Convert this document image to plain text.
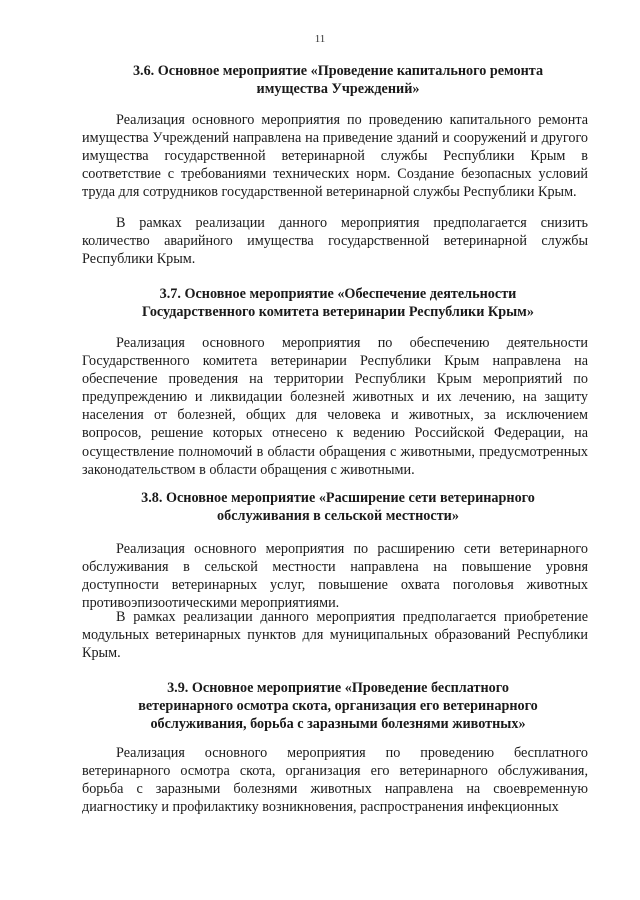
11
3.6. Основное мероприятие «Проведение капитального ремонта
имущества Учреждений»

Реализация основного мероприятия по проведению капитального ремонта имущества Учреждений направлена на приведение зданий и сооружений и другого имущества государственной ветеринарной службы Республики Крым в соответствие с требованиями технических норм. Создание безопасных условий труда для сотрудников государственной ветеринарной службы Республики Крым.

В рамках реализации данного мероприятия предполагается снизить количество аварийного имущества государственной ветеринарной службы Республики Крым.

3.7. Основное мероприятие «Обеспечение деятельности
Государственного комитета ветеринарии Республики Крым»

Реализация основного мероприятия по обеспечению деятельности Государственного комитета ветеринарии Республики Крым направлена на обеспечение проведения на территории Республики Крым мероприятий по предупреждению и ликвидации болезней животных и их лечению, на защиту населения от болезней, общих для человека и животных, за исключением вопросов, решение которых отнесено к ведению Российской Федерации, на осуществление полномочий в области обращения с животными, предусмотренных законодательством в области обращения с животными.

3.8. Основное мероприятие «Расширение сети ветеринарного
обслуживания в сельской местности»

Реализация основного мероприятия по расширению сети ветеринарного обслуживания в сельской местности направлена на повышение уровня доступности ветеринарных услуг, повышение охвата поголовья животных противоэпизоотическими мероприятиями.

В рамках реализации данного мероприятия предполагается приобретение модульных ветеринарных пунктов для муниципальных образований Республики Крым.

3.9. Основное мероприятие «Проведение бесплатного
ветеринарного осмотра скота, организация его ветеринарного
обслуживания, борьба с заразными болезнями животных»

Реализация основного мероприятия по проведению бесплатного ветеринарного осмотра скота, организация его ветеринарного обслуживания, борьба с заразными болезнями животных направлена на своевременную диагностику и профилактику возникновения, распространения инфекционных
